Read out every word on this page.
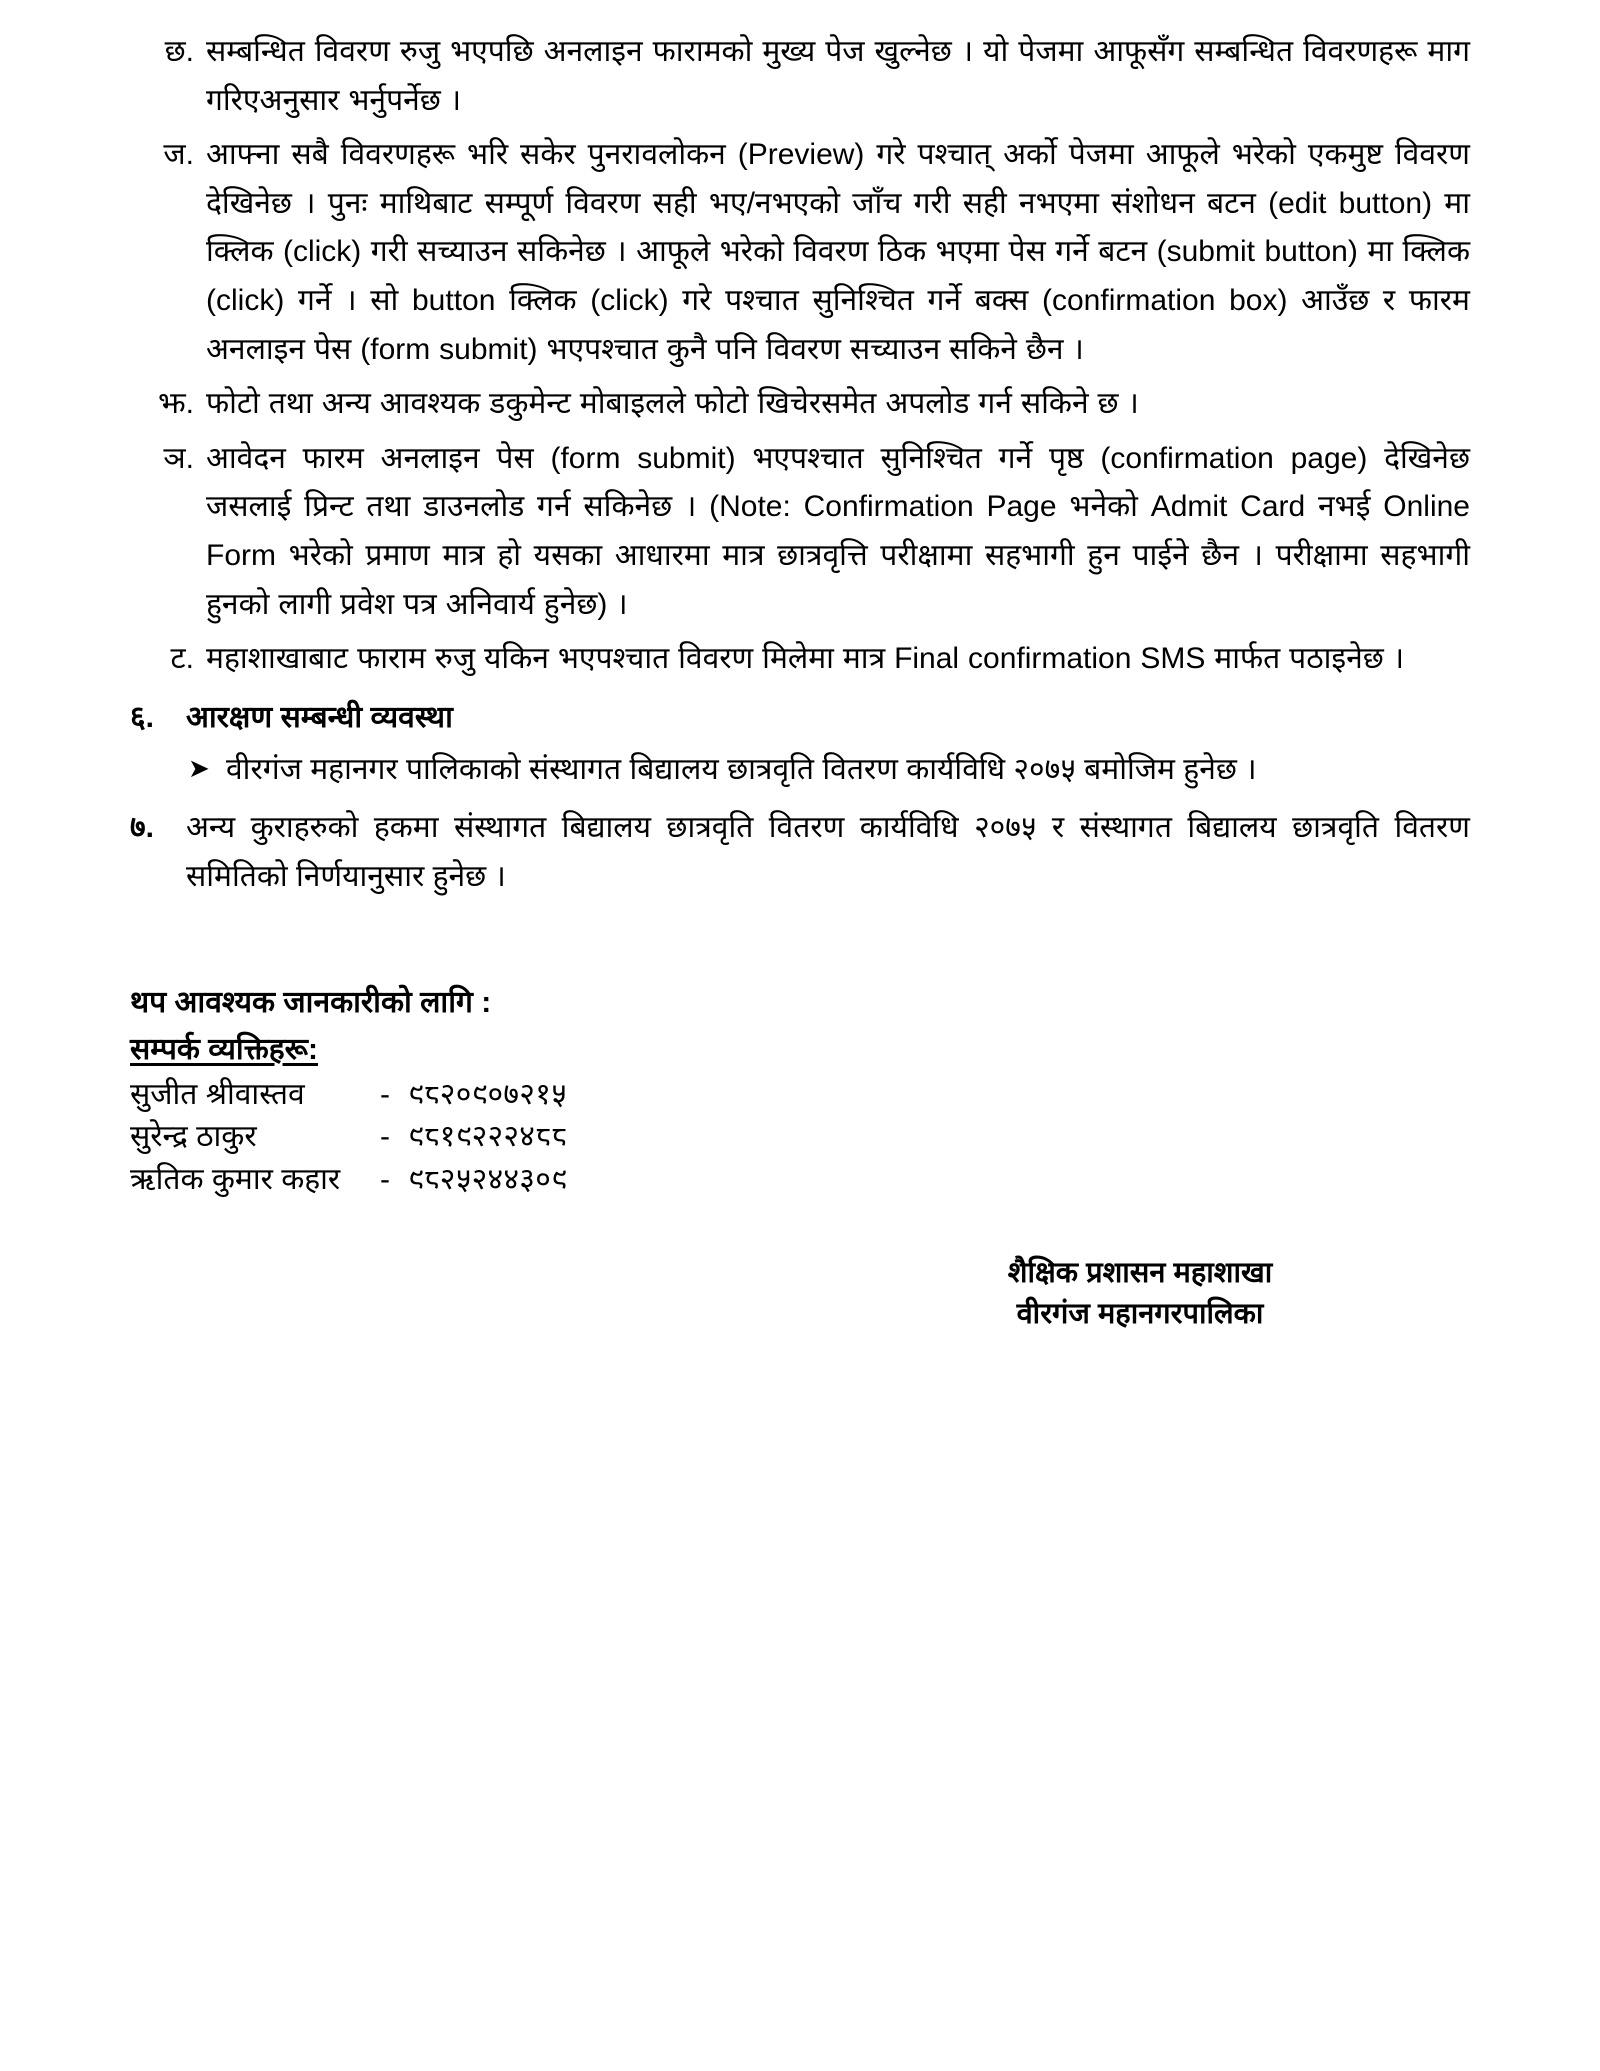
छ. सम्बन्धित विवरण रुजु भएपछि अनलाइन फारामको मुख्य पेज खुल्नेछ । यो पेजमा आफूसँग सम्बन्धित विवरणहरू माग गरिएअनुसार भर्नुपर्नेछ ।
ज. आफ्ना सबै विवरणहरू भरि सकेर पुनरावलोकन (Preview) गरे पश्चात् अर्को पेजमा आफूले भरेको एकमुष्ट विवरण देखिनेछ । पुनः माथिबाट सम्पूर्ण विवरण सही भए/नभएको जाँच गरी सही नभएमा संशोधन बटन (edit button) मा क्लिक (click) गरी सच्याउन सकिनेछ । आफूले भरेको विवरण ठिक भएमा पेस गर्ने बटन (submit button) मा क्लिक (click) गर्ने । सो button क्लिक (click) गरे पश्चात सुनिश्चित गर्ने बक्स (confirmation box) आउँछ र फारम अनलाइन पेस (form submit) भएपश्चात कुनै पनि विवरण सच्याउन सकिने छैन ।
झ. फोटो तथा अन्य आवश्यक डकुमेन्ट मोबाइलले फोटो खिचेरसमेत अपलोड गर्न सकिने छ ।
ञ. आवेदन फारम अनलाइन पेस (form submit) भएपश्चात सुनिश्चित गर्ने पृष्ठ (confirmation page) देखिनेछ जसलाई प्रिन्ट तथा डाउनलोड गर्न सकिनेछ । (Note: Confirmation Page भनेको Admit Card नभई Online Form भरेको प्रमाण मात्र हो यसका आधारमा मात्र छात्रवृत्ति परीक्षामा सहभागी हुन पाईने छैन । परीक्षामा सहभागी हुनको लागी प्रवेश पत्र अनिवार्य हुनेछ) ।
ट. महाशाखाबाट फाराम रुजु यकिन भएपश्चात विवरण मिलेमा मात्र Final confirmation SMS मार्फत पठाइनेछ ।
६.	आरक्षण सम्बन्धी व्यवस्था
➤ वीरगंज महानगर पालिकाको संस्थागत बिद्यालय छात्रवृति वितरण कार्यविधि २०७५ बमोजिम हुनेछ ।
७.	अन्य कुराहरुको हकमा संस्थागत बिद्यालय छात्रवृति वितरण कार्यविधि २०७५ र संस्थागत बिद्यालय छात्रवृति वितरण समितिको निर्णयानुसार हुनेछ ।
थप आवश्यक जानकारीको लागि :
सम्पर्क व्यक्तिहरू:
सुजीत श्रीवास्तव	- ९८२०९०७२१५
सुरेन्द्र ठाकुर	- ९८१९२२२४८८
ऋतिक कुमार कहार	- ९८२५२४४३०९
शैक्षिक प्रशासन महाशाखा
वीरगंज महानगरपालिका
